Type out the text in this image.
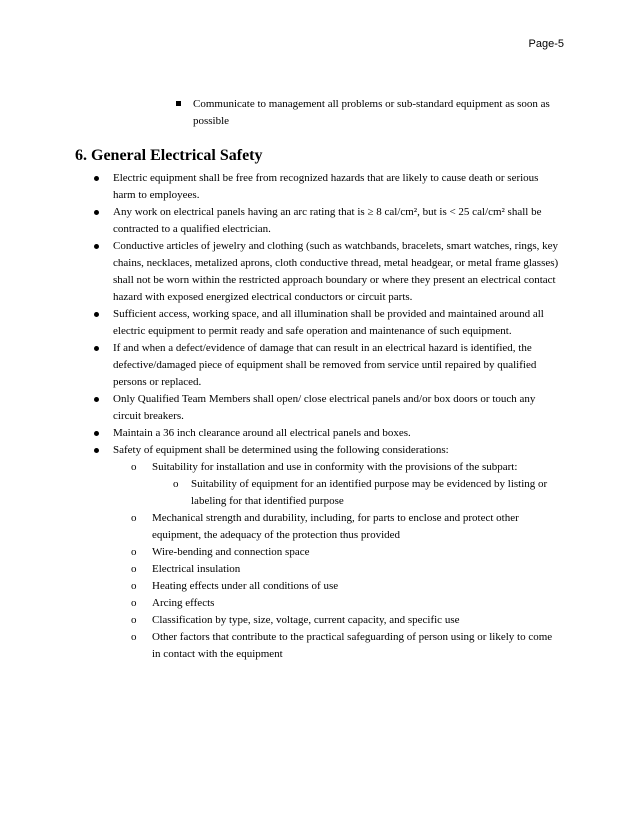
Page-5
Communicate to management all problems or sub-standard equipment as soon as possible
6. General Electrical Safety
Electric equipment shall be free from recognized hazards that are likely to cause death or serious harm to employees.
Any work on electrical panels having an arc rating that is ≥ 8 cal/cm², but is < 25 cal/cm² shall be contracted to a qualified electrician.
Conductive articles of jewelry and clothing (such as watchbands, bracelets, smart watches, rings, key chains, necklaces, metalized aprons, cloth conductive thread, metal headgear, or metal frame glasses) shall not be worn within the restricted approach boundary or where they present an electrical contact hazard with exposed energized electrical conductors or circuit parts.
Sufficient access, working space, and all illumination shall be provided and maintained around all electric equipment to permit ready and safe operation and maintenance of such equipment.
If and when a defect/evidence of damage that can result in an electrical hazard is identified, the defective/damaged piece of equipment shall be removed from service until repaired by qualified persons or replaced.
Only Qualified Team Members shall open/ close electrical panels and/or box doors or touch any circuit breakers.
Maintain a 36 inch clearance around all electrical panels and boxes.
Safety of equipment shall be determined using the following considerations:
o Suitability for installation and use in conformity with the provisions of the subpart:
o Suitability of equipment for an identified purpose may be evidenced by listing or labeling for that identified purpose
o Mechanical strength and durability, including, for parts to enclose and protect other equipment, the adequacy of the protection thus provided
o Wire-bending and connection space
o Electrical insulation
o Heating effects under all conditions of use
o Arcing effects
o Classification by type, size, voltage, current capacity, and specific use
o Other factors that contribute to the practical safeguarding of person using or likely to come in contact with the equipment
